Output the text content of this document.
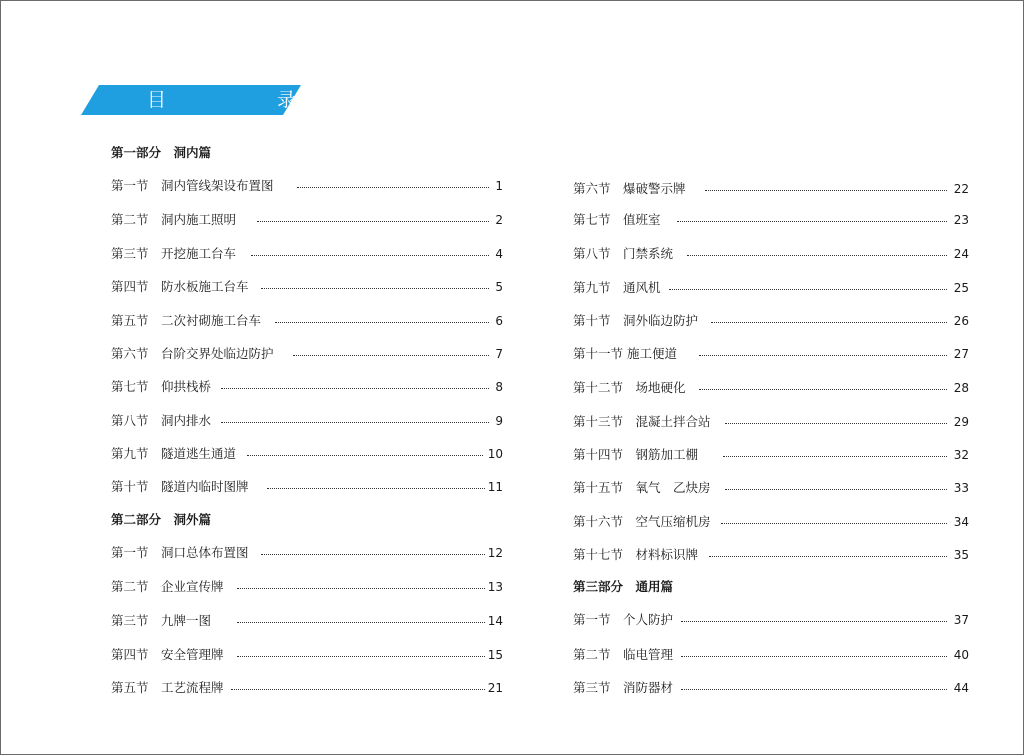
目　录
第一部分　洞内篇
第一节　洞内管线架设布置图	1
第二节　洞内施工照明	2
第三节　开挖施工台车	4
第四节　防水板施工台车	5
第五节　二次衬砌施工台车	6
第六节　台阶交界处临边防护	7
第七节　仰拱栈桥	8
第八节　洞内排水	9
第九节　隧道逃生通道	10
第十节　隧道内临时图牌	11
第二部分　洞外篇
第一节　洞口总体布置图	12
第二节　企业宣传牌	13
第三节　九牌一图	14
第四节　安全管理牌	15
第五节　工艺流程牌	21
第六节　爆破警示牌	22
第七节　值班室	23
第八节　门禁系统	24
第九节　通风机	25
第十节　洞外临边防护	26
第十一节 施工便道	27
第十二节　场地硬化	28
第十三节　混凝土拌合站	29
第十四节　钢筋加工棚	32
第十五节　氧气　乙炔房	33
第十六节　空气压缩机房	34
第十七节　材料标识牌	35
第三部分　通用篇
第一节　个人防护	37
第二节　临电管理	40
第三节　消防器材	44
